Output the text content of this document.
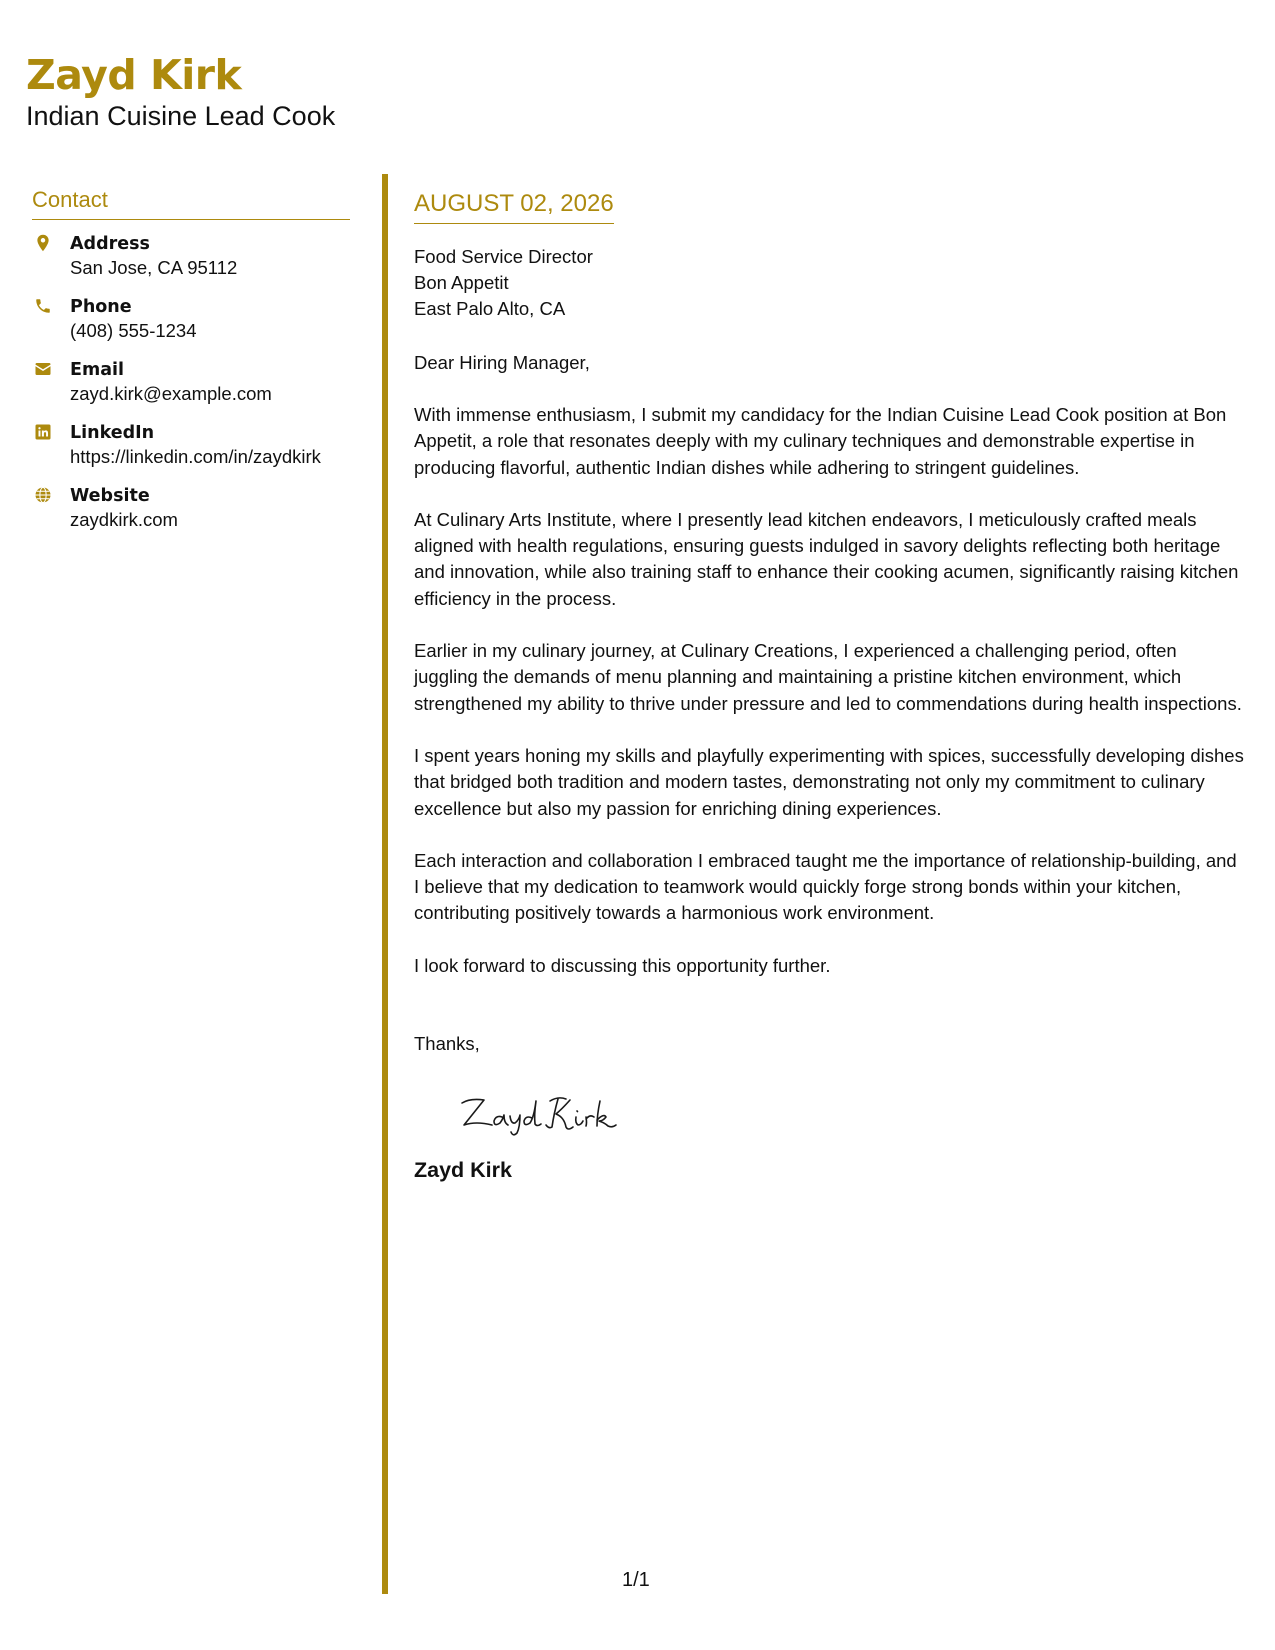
Zayd Kirk
Indian Cuisine Lead Cook
Contact
Address
San Jose, CA 95112
Phone
(408) 555-1234
Email
zayd.kirk@example.com
LinkedIn
https://linkedin.com/in/zaydkirk
Website
zaydkirk.com
AUGUST 02, 2026
Food Service Director
Bon Appetit
East Palo Alto, CA
Dear Hiring Manager,
With immense enthusiasm, I submit my candidacy for the Indian Cuisine Lead Cook position at Bon Appetit, a role that resonates deeply with my culinary techniques and demonstrable expertise in producing flavorful, authentic Indian dishes while adhering to stringent guidelines.
At Culinary Arts Institute, where I presently lead kitchen endeavors, I meticulously crafted meals aligned with health regulations, ensuring guests indulged in savory delights reflecting both heritage and innovation, while also training staff to enhance their cooking acumen, significantly raising kitchen efficiency in the process.
Earlier in my culinary journey, at Culinary Creations, I experienced a challenging period, often juggling the demands of menu planning and maintaining a pristine kitchen environment, which strengthened my ability to thrive under pressure and led to commendations during health inspections.
I spent years honing my skills and playfully experimenting with spices, successfully developing dishes that bridged both tradition and modern tastes, demonstrating not only my commitment to culinary excellence but also my passion for enriching dining experiences.
Each interaction and collaboration I embraced taught me the importance of relationship-building, and I believe that my dedication to teamwork would quickly forge strong bonds within your kitchen, contributing positively towards a harmonious work environment.
I look forward to discussing this opportunity further.
Thanks,
Zayd Kirk
1/1
